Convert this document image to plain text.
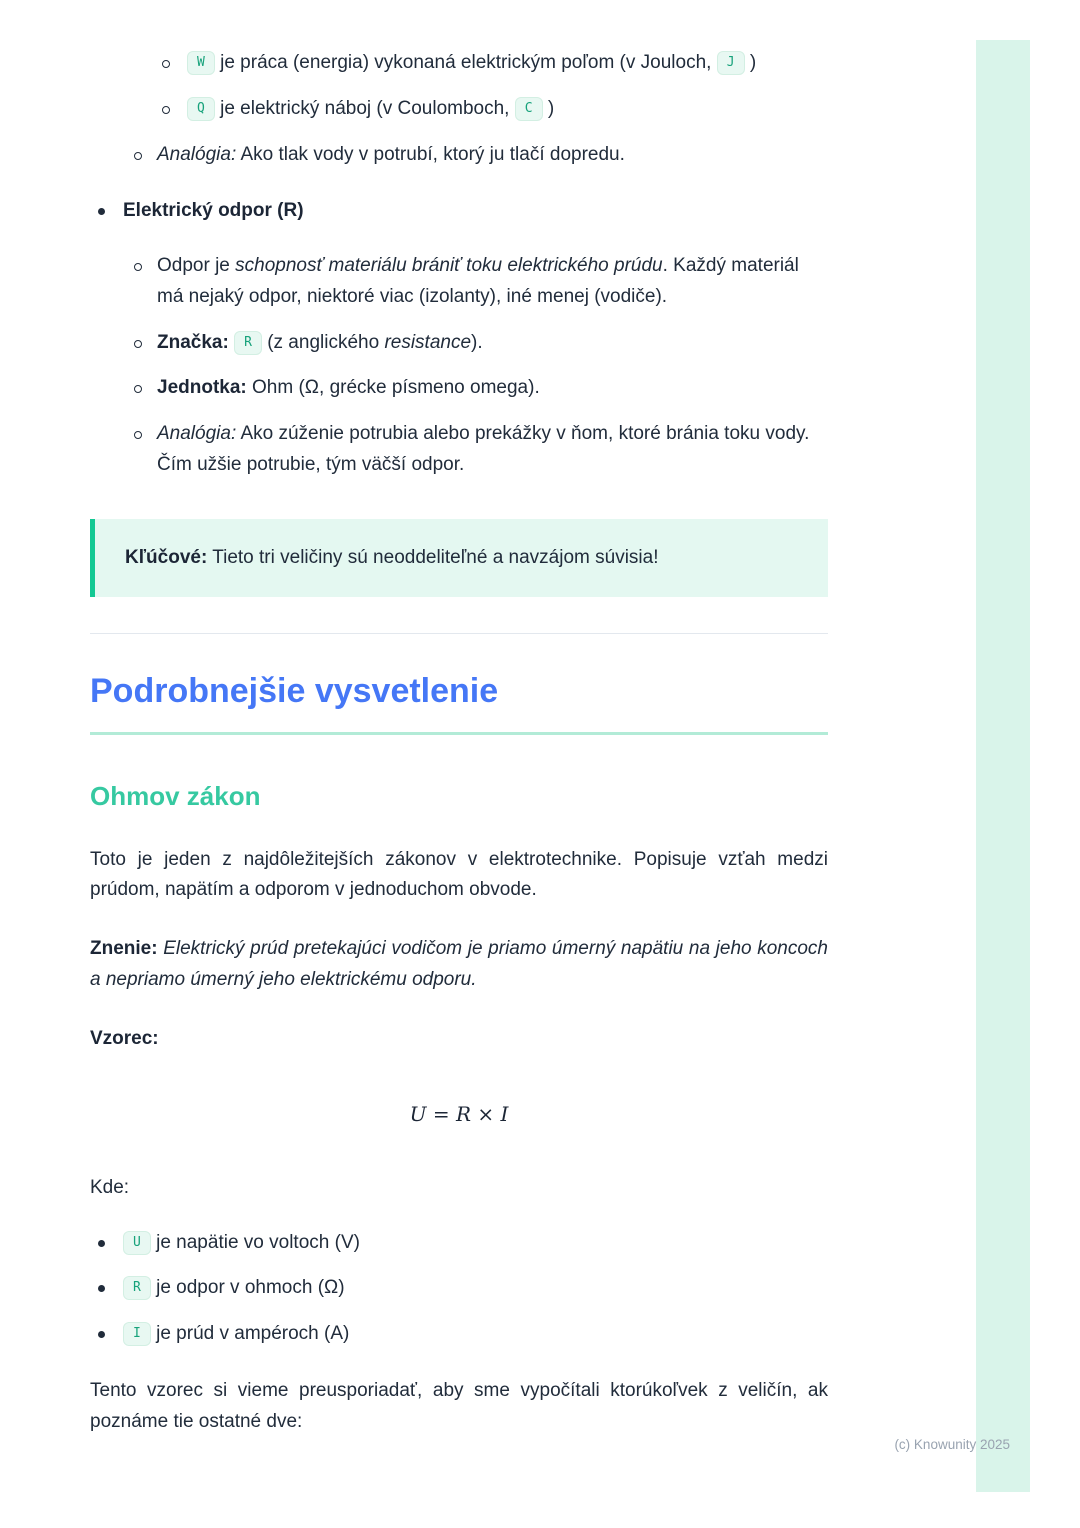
W je práca (energia) vykonaná elektrickým poľom (v Jouloch, J )
Q je elektrický náboj (v Coulomboch, C )
Analógia: Ako tlak vody v potrubí, ktorý ju tlačí dopredu.
Elektrický odpor (R)
Odpor je schopnosť materiálu brániť toku elektrického prúdu. Každý materiál má nejaký odpor, niektoré viac (izolanty), iné menej (vodiče).
Značka: R (z anglického resistance).
Jednotka: Ohm (Ω, grécke písmeno omega).
Analógia: Ako zúženie potrubia alebo prekážky v ňom, ktoré bránia toku vody. Čím užšie potrubie, tým väčší odpor.
Kľúčové: Tieto tri veličiny sú neoddeliteľné a navzájom súvisia!
Podrobnejšie vysvetlenie
Ohmov zákon

Toto je jeden z najdôležitejších zákonov v elektrotechnike. Popisuje vzťah medzi prúdom, napätím a odporom v jednoduchom obvode.

Znenie: Elektrický prúd pretekajúci vodičom je priamo úmerný napätiu na jeho koncoch a nepriamo úmerný jeho elektrickému odporu.

Vzorec:

U = R × I

Kde:

U je napätie vo voltoch (V)
R je odpor v ohmoch (Ω)
I je prúd v ampéroch (A)

Tento vzorec si vieme preusporiadať, aby sme vypočítali ktorúkoľvek z veličín, ak poznáme tie ostatné dve:

(c) Knowunity 2025
